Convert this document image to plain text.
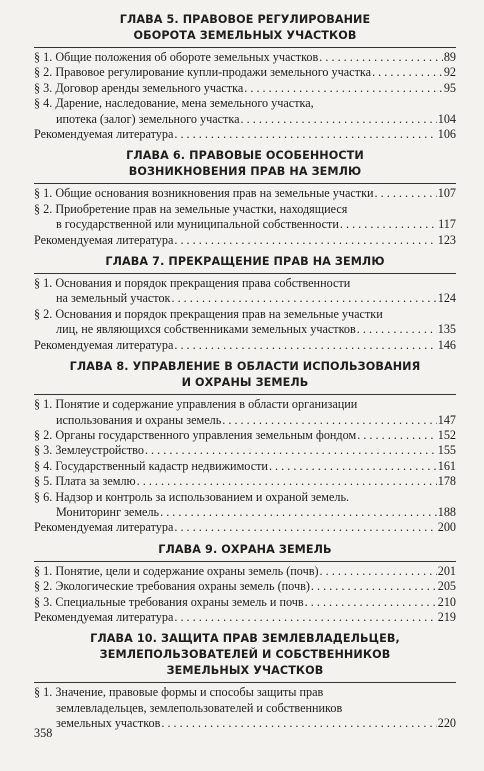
ГЛАВА 5. ПРАВОВОЕ РЕГУЛИРОВАНИЕ
ОБОРОТА ЗЕМЕЛЬНЫХ УЧАСТКОВ
§ 1. Общие положения об обороте земельных участков . . .	89
§ 2. Правовое регулирование купли-продажи земельного участка . . .	92
§ 3. Договор аренды земельного участка . . .	95
§ 4. Дарение, наследование, мена земельного участка,
ипотека (залог) земельного участка . . .	104
Рекомендуемая литература . . .	106
ГЛАВА 6. ПРАВОВЫЕ ОСОБЕННОСТИ
ВОЗНИКНОВЕНИЯ ПРАВ НА ЗЕМЛЮ
§ 1. Общие основания возникновения прав на земельные участки . . .	107
§ 2. Приобретение прав на земельные участки, находящиеся
в государственной или муниципальной собственности . . .	117
Рекомендуемая литература . . .	123
ГЛАВА 7. ПРЕКРАЩЕНИЕ ПРАВ НА ЗЕМЛЮ
§ 1. Основания и порядок прекращения права собственности
на земельный участок . . .	124
§ 2. Основания и порядок прекращения прав на земельные участки
лиц, не являющихся собственниками земельных участков . . .	135
Рекомендуемая литература . . .	146
ГЛАВА 8. УПРАВЛЕНИЕ В ОБЛАСТИ ИСПОЛЬЗОВАНИЯ
И ОХРАНЫ ЗЕМЕЛЬ
§ 1. Понятие и содержание управления в области организации
использования и охраны земель . . .	147
§ 2. Органы государственного управления земельным фондом . . .	152
§ 3. Землеустройство . . .	155
§ 4. Государственный кадастр недвижимости . . .	161
§ 5. Плата за землю . . .	178
§ 6. Надзор и контроль за использованием и охраной земель.
Мониторинг земель . . .	188
Рекомендуемая литература . . .	200
ГЛАВА 9. ОХРАНА ЗЕМЕЛЬ
§ 1. Понятие, цели и содержание охраны земель (почв) . . .	201
§ 2. Экологические требования охраны земель (почв) . . .	205
§ 3. Специальные требования охраны земель и почв . . .	210
Рекомендуемая литература . . .	219
ГЛАВА 10. ЗАЩИТА ПРАВ ЗЕМЛЕВЛАДЕЛЬЦЕВ,
ЗЕМЛЕПОЛЬЗОВАТЕЛЕЙ И СОБСТВЕННИКОВ
ЗЕМЕЛЬНЫХ УЧАСТКОВ
§ 1. Значение, правовые формы и способы защиты прав
землевладельцев, землепользователей и собственников
земельных участков . . .	220
358
